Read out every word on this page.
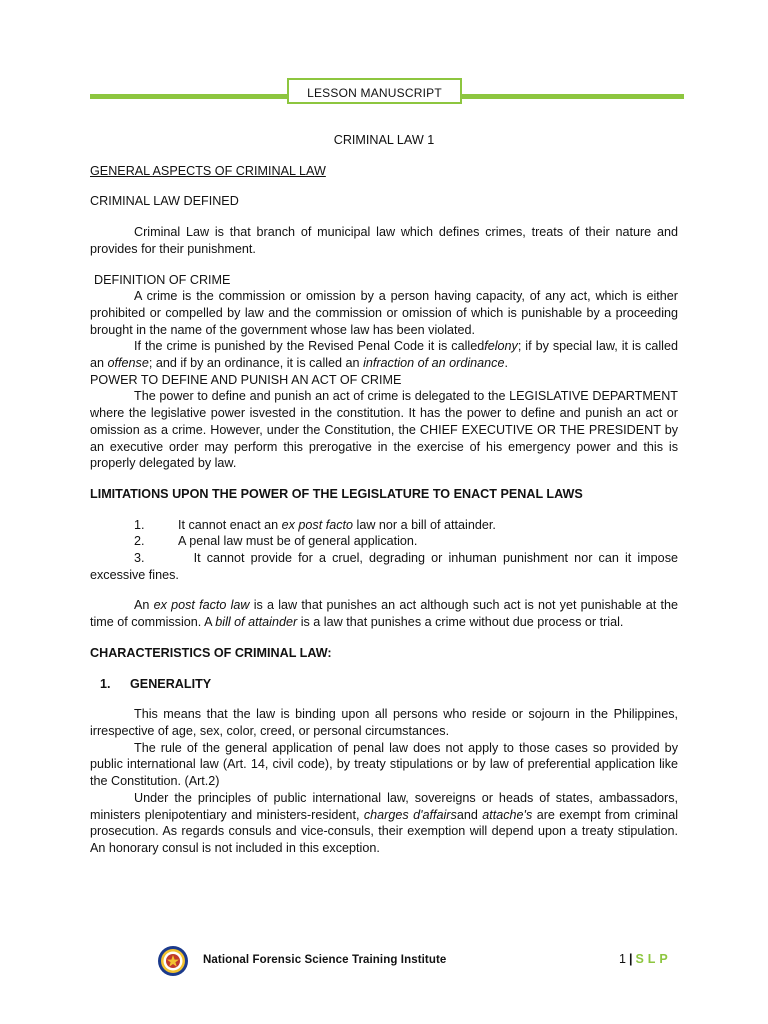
LESSON MANUSCRIPT

CRIMINAL LAW 1

GENERAL ASPECTS OF CRIMINAL LAW

CRIMINAL LAW DEFINED

Criminal Law is that branch of municipal law which defines crimes, treats of their nature and provides for their punishment.

DEFINITION OF CRIME

A crime is the commission or omission by a person having capacity, of any act, which is either prohibited or compelled by law and the commission or omission of which is punishable by a proceeding brought in the name of the government whose law has been violated.

If the crime is punished by the Revised Penal Code it is calledfelony; if by special law, it is called an offense; and if by an ordinance, it is called an infraction of an ordinance.

POWER TO DEFINE AND PUNISH AN ACT OF CRIME

The power to define and punish an act of crime is delegated to the LEGISLATIVE DEPARTMENT where the legislative power isvested in the constitution. It has the power to define and punish an act or omission as a crime. However, under the Constitution, the CHIEF EXECUTIVE OR THE PRESIDENT by an executive order may perform this prerogative in the exercise of his emergency power and this is properly delegated by law.

LIMITATIONS UPON THE POWER OF THE LEGISLATURE TO ENACT PENAL LAWS

1.	It cannot enact an ex post facto law nor a bill of attainder.
2.	A penal law must be of general application.

3.	It cannot provide for a cruel, degrading or inhuman punishment nor can it impose excessive fines.

An ex post facto law is a law that punishes an act although such act is not yet punishable at the time of commission. A bill of attainder is a law that punishes a crime without due process or trial.

CHARACTERISTICS OF CRIMINAL LAW:

1.	GENERALITY

This means that the law is binding upon all persons who reside or sojourn in the Philippines, irrespective of age, sex, color, creed, or personal circumstances.

The rule of the general application of penal law does not apply to those cases so provided by public international law (Art. 14, civil code), by treaty stipulations or by law of preferential application like the Constitution. (Art.2)

Under the principles of public international law, sovereigns or heads of states, ambassadors, ministers plenipotentiary and ministers-resident, charges d'affairsand attache's are exempt from criminal prosecution. As regards consuls and vice-consuls, their exemption will depend upon a treaty stipulation. An honorary consul is not included in this exception.

National Forensic Science Training Institute	1 | SLP
